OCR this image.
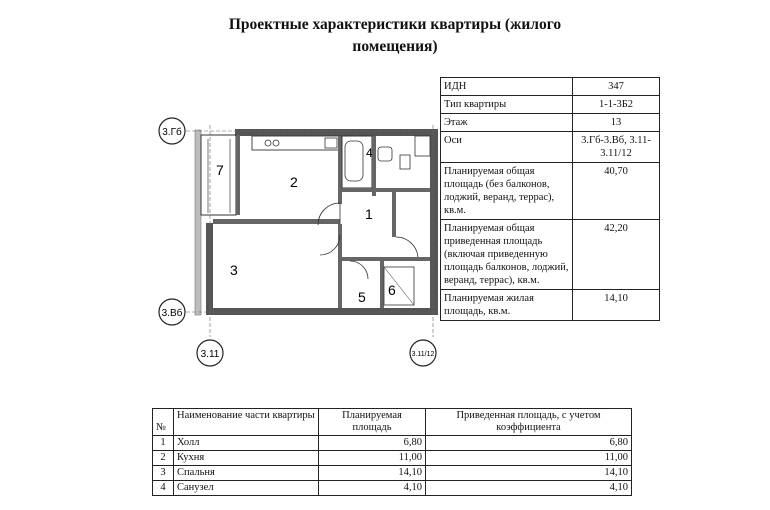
Проектные характеристики квартиры (жилого
помещения)
3.Гб
3.Вб
3.11	3.11/12
1
2
3
4
5 6
7
ИДН	347
Тип квартиры	1-1-3Б2
Этаж	13
Оси	3.Гб-3.Вб, 3.11-3.11/12
Планируемая общая площадь (без балконов, лоджий, веранд, террас), кв.м.	40,70
Планируемая общая приведенная площадь (включая приведенную площадь балконов, лоджий, веранд, террас), кв.м.	42,20
Планируемая жилая площадь, кв.м.	14,10
№	Наименование части квартиры	Планируемая площадь	Приведенная площадь, с учетом коэффициента
1	Холл	6,80	6,80
2	Кухня	11,00	11,00
3	Спальня	14,10	14,10
4	Санузел	4,10	4,10
